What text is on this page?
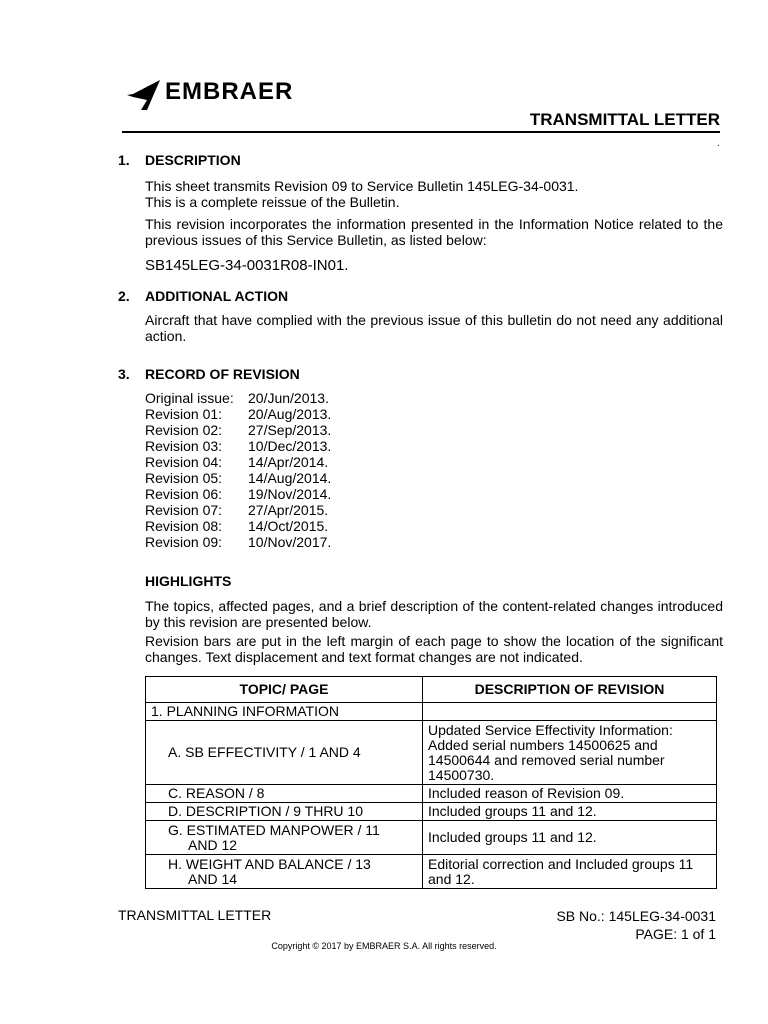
EMBRAER
TRANSMITTAL LETTER
.
1. DESCRIPTION
This sheet transmits Revision 09 to Service Bulletin 145LEG-34-0031.
This is a complete reissue of the Bulletin.
This revision incorporates the information presented in the Information Notice related to the previous issues of this Service Bulletin, as listed below:
SB145LEG-34-0031R08-IN01.
2. ADDITIONAL ACTION
Aircraft that have complied with the previous issue of this bulletin do not need any additional action.
3. RECORD OF REVISION
Original issue:	20/Jun/2013.
Revision 01:	20/Aug/2013.
Revision 02:	27/Sep/2013.
Revision 03:	10/Dec/2013.
Revision 04:	14/Apr/2014.
Revision 05:	14/Aug/2014.
Revision 06:	19/Nov/2014.
Revision 07:	27/Apr/2015.
Revision 08:	14/Oct/2015.
Revision 09:	10/Nov/2017.
HIGHLIGHTS
The topics, affected pages, and a brief description of the content-related changes introduced by this revision are presented below.
Revision bars are put in the left margin of each page to show the location of the significant changes. Text displacement and text format changes are not indicated.
TOPIC/ PAGE	DESCRIPTION OF REVISION
1. PLANNING INFORMATION	
A. SB EFFECTIVITY / 1 AND 4	Updated Service Effectivity Information: Added serial numbers 14500625 and 14500644 and removed serial number 14500730.
C. REASON / 8	Included reason of Revision 09.
D. DESCRIPTION / 9 THRU 10	Included groups 11 and 12.
G. ESTIMATED MANPOWER / 11
AND 12	Included groups 11 and 12.
H. WEIGHT AND BALANCE / 13
AND 14	Editorial correction and Included groups 11 and 12.
TRANSMITTAL LETTER	SB No.: 145LEG-34-0031
PAGE: 1 of 1
Copyright © 2017 by EMBRAER S.A. All rights reserved.
